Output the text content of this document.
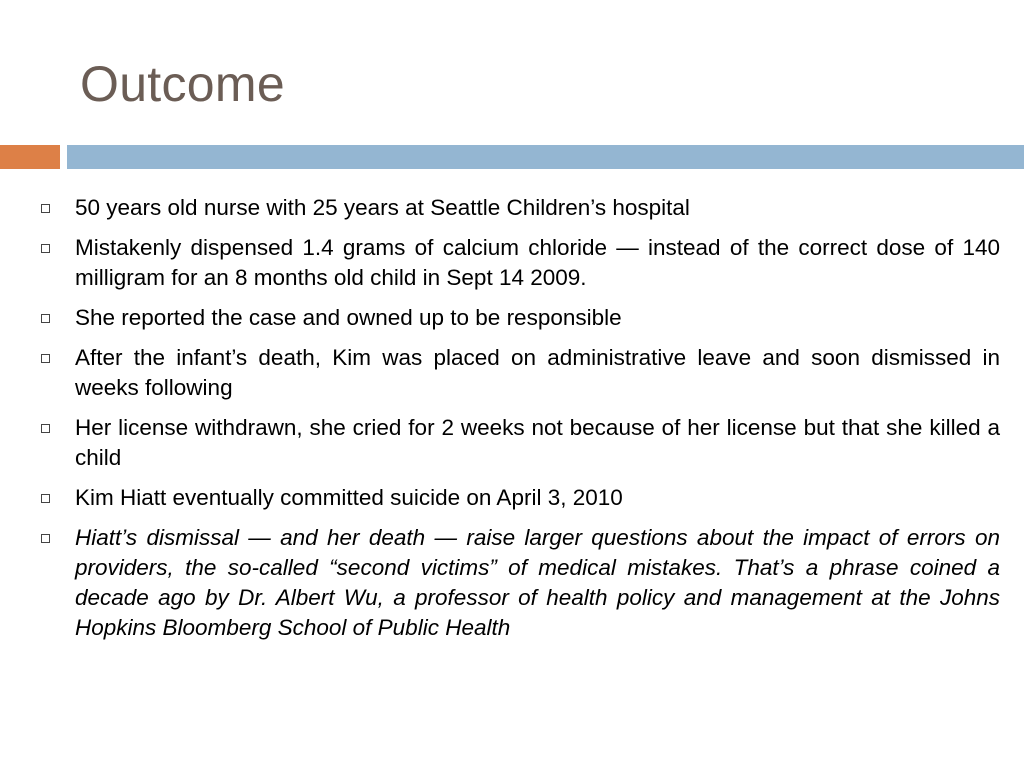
Outcome
50 years old nurse with 25 years at Seattle Children’s hospital
Mistakenly dispensed 1.4 grams of calcium chloride — instead of the correct dose of 140 milligram for an 8 months old child in Sept 14 2009.
She reported the case and owned up to be responsible
After the infant’s death, Kim was placed on administrative leave and soon dismissed in weeks following
Her license withdrawn, she cried for 2 weeks not because of her license but that she killed a child
Kim Hiatt eventually committed suicide on April 3, 2010
Hiatt’s dismissal — and her death — raise larger questions about the impact of errors on providers, the so-called “second victims” of medical mistakes. That’s a phrase coined a decade ago by Dr. Albert Wu, a professor of health policy and management at the Johns Hopkins Bloomberg School of Public Health
